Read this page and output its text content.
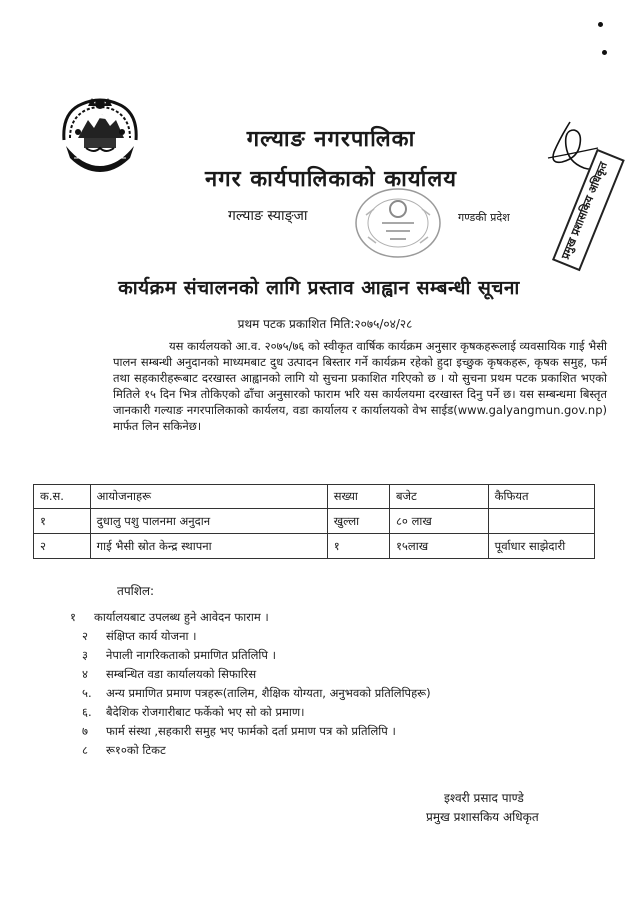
गल्याङ नगरपालिका
नगर कार्यपालिकाको कार्यालय
गल्याङ स्याङ्जा	गण्डकी प्रदेश	प्रमुख प्रशासकिय अधिकृत
कार्यक्रम संचालनको लागि प्रस्ताव आह्वान सम्बन्धी सूचना
प्रथम पटक प्रकाशित मिति:२०७५/०४/२८
यस कार्यलयको आ.व. २०७५/७६ को स्वीकृत वार्षिक कार्यक्रम अनुसार कृषकहरूलाई व्यवसायिक गाई भैसी पालन सम्बन्धी अनुदानको माध्यमबाट दुध उत्पादन बिस्तार गर्ने कार्यक्रम रहेको हुदा इच्छुक कृषकहरू, कृषक समुह, फर्म तथा सहकारीहरूबाट दरखास्त आह्वानको लागि यो सुचना प्रकाशित गरिएको छ । यो सुचना प्रथम पटक प्रकाशित भएको मितिले १५ दिन भित्र तोकिएको ढाँचा अनुसारको फाराम भरि यस कार्यलयमा दरखास्त दिनु पर्ने छ। यस सम्बन्धमा बिस्तृत जानकारी गल्याङ नगरपालिकाको कार्यलय, वडा कार्यालय र कार्यालयको वेभ साईड(www.galyangmun.gov.np) मार्फत लिन सकिनेछ।
क.स.	आयोजनाहरू	सख्या	बजेट	कैफियत
१	दुधालु पशु पालनमा अनुदान	खुल्ला	८० लाख	
२	गाई भैसी स्रोत केन्द्र स्थापना	१	१५लाख	पूर्वाधार साझेदारी
तपशिल:
१	कार्यालयबाट उपलब्ध हुने आवेदन फाराम ।
२	संक्षिप्त कार्य योजना ।
३	नेपाली नागरिकताको प्रमाणित प्रतिलिपि ।
४	सम्बन्धित वडा कार्यालयको सिफारिस
५.	अन्य प्रमाणित प्रमाण पत्रहरू(तालिम, शैक्षिक योग्यता, अनुभवको प्रतिलिपिहरू)
६.	बैदेशिक रोजगारीबाट फर्केको भए सो को प्रमाण।
७	फार्म संस्था ,सहकारी समुह भए फार्मको दर्ता प्रमाण पत्र को प्रतिलिपि ।
८	रू१०को टिकट
इश्वरी प्रसाद पाण्डे
प्रमुख प्रशासकिय अधिकृत
